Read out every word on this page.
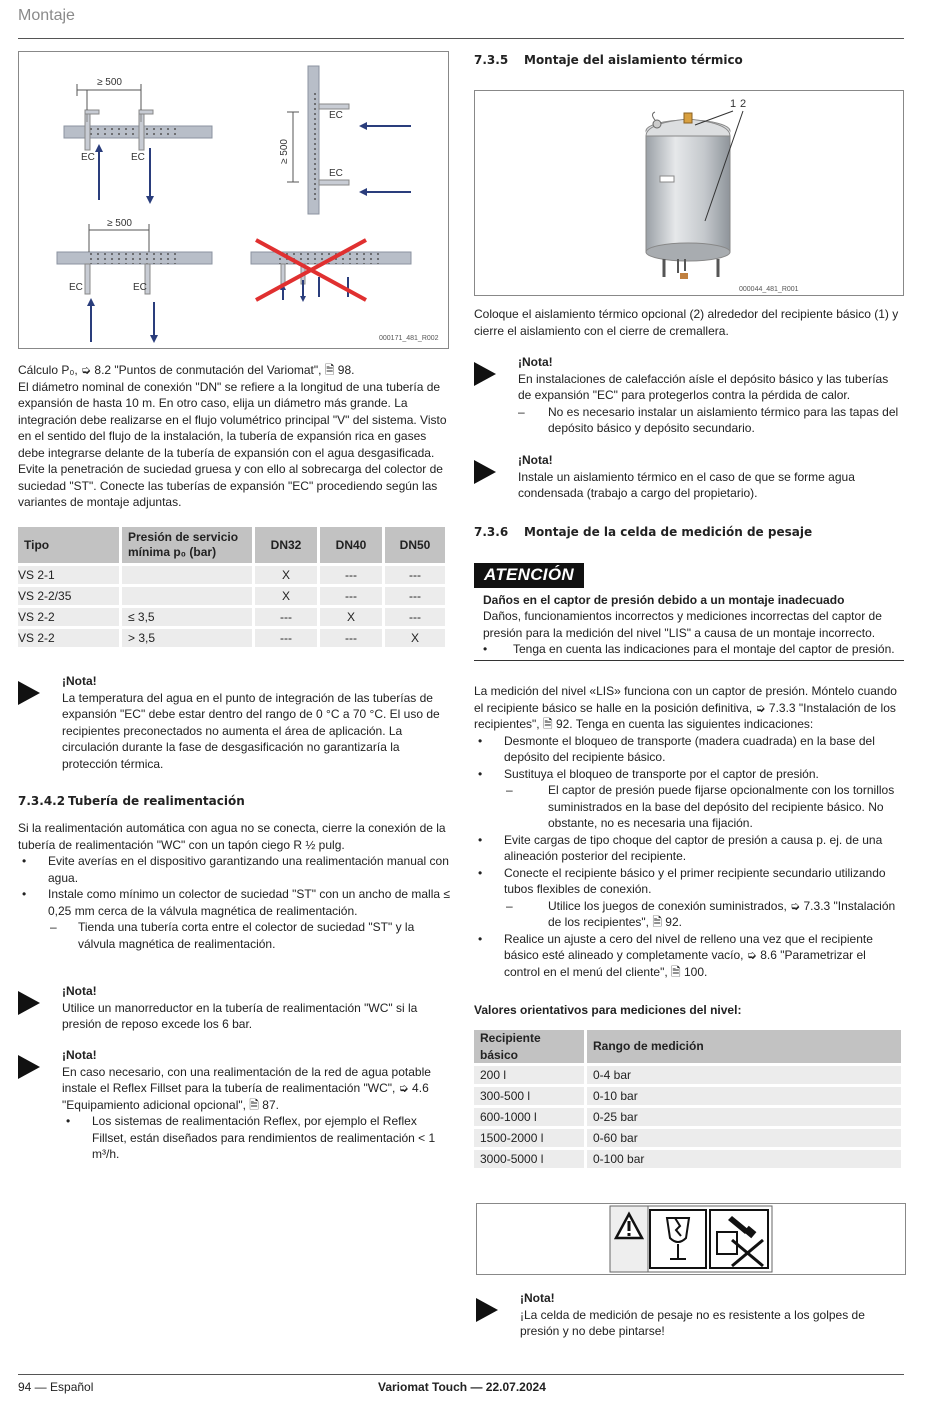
Montaje
≥ 500
EC	EC	≥ 500
EC
EC
≥ 500
EC	EC
000171_481_R002

Cálculo P₀, ➭ 8.2 "Puntos de conmutación del Variomat", 🗎 98.

El diámetro nominal de conexión "DN" se refiere a la longitud de una tubería de expansión de hasta 10 m. En otro caso, elija un diámetro más grande. La integración debe realizarse en el flujo volumétrico principal "V" del sistema. Visto en el sentido del flujo de la instalación, la tubería de expansión rica en gases debe integrarse delante de la tubería de expansión con el agua desgasificada.

Evite la penetración de suciedad gruesa y con ello al sobrecarga del colector de suciedad "ST". Conecte las tuberías de expansión "EC" procediendo según las variantes de montaje adjuntas.

Tipo	Presión de servicio mínima p₀ (bar)	DN32	DN40	DN50
VS 2-1		X	---	---
VS 2-2/35		X	---	---
VS 2-2	≤ 3,5	---	X	---
VS 2-2	> 3,5	---	---	X
¡Nota!
La temperatura del agua en el punto de integración de las tuberías de expansión "EC" debe estar dentro del rango de 0 °C a 70 °C. El uso de recipientes preconectados no aumenta el área de aplicación. La circulación durante la fase de desgasificación no garantizaría la protección térmica.
7.3.4.2 Tubería de realimentación

Si la realimentación automática con agua no se conecta, cierre la conexión de la tubería de realimentación "WC" con un tapón ciego R ½ pulg.

• Evite averías en el dispositivo garantizando una realimentación manual con agua.
• Instale como mínimo un colector de suciedad "ST" con un ancho de malla ≤ 0,25 mm cerca de la válvula magnética de realimentación.
– Tienda una tubería corta entre el colector de suciedad "ST" y la válvula magnética de realimentación.
¡Nota!
Utilice un manorreductor en la tubería de realimentación "WC" si la presión de reposo excede los 6 bar.
¡Nota!
En caso necesario, con una realimentación de la red de agua potable instale el Reflex Fillset para la tubería de realimentación "WC", ➭ 4.6 "Equipamiento adicional opcional", 🗎 87.
• Los sistemas de realimentación Reflex, por ejemplo el Reflex Fillset, están diseñados para rendimientos de realimentación < 1 m³/h.
7.3.5 Montaje del aislamiento térmico
1 2
000044_481_R001
Coloque el aislamiento térmico opcional (2) alrededor del recipiente básico (1) y cierre el aislamiento con el cierre de cremallera.
¡Nota!
En instalaciones de calefacción aísle el depósito básico y las tuberías de expansión "EC" para protegerlos contra la pérdida de calor.
– No es necesario instalar un aislamiento térmico para las tapas del depósito básico y depósito secundario.
¡Nota!
Instale un aislamiento térmico en el caso de que se forme agua condensada (trabajo a cargo del propietario).
7.3.6 Montaje de la celda de medición de pesaje
ATENCIÓN
Daños en el captor de presión debido a un montaje inadecuado
Daños, funcionamientos incorrectos y mediciones incorrectas del captor de presión para la medición del nivel "LIS" a causa de un montaje incorrecto.
• Tenga en cuenta las indicaciones para el montaje del captor de presión.

La medición del nivel «LIS» funciona con un captor de presión. Móntelo cuando el recipiente básico se halle en la posición definitiva, ➭ 7.3.3 "Instalación de los recipientes", 🗎 92. Tenga en cuenta las siguientes indicaciones:

• Desmonte el bloqueo de transporte (madera cuadrada) en la base del depósito del recipiente básico.
• Sustituya el bloqueo de transporte por el captor de presión.
–	El captor de presión puede fijarse opcionalmente con los tornillos suministrados en la base del depósito del recipiente básico. No obstante, no es necesaria una fijación.
• Evite cargas de tipo choque del captor de presión a causa p. ej. de una alineación posterior del recipiente.
• Conecte el recipiente básico y el primer recipiente secundario utilizando tubos flexibles de conexión.
–	Utilice los juegos de conexión suministrados, ➭ 7.3.3 "Instalación de los recipientes", 🗎 92.
• Realice un ajuste a cero del nivel de relleno una vez que el recipiente básico esté alineado y completamente vacío, ➭ 8.6 "Parametrizar el control en el menú del cliente", 🗎 100.
Valores orientativos para mediciones del nivel:
Recipiente básico	Rango de medición
200 l	0-4 bar
300-500 l	0-10 bar
600-1000 l	0-25 bar
1500-2000 l	0-60 bar
3000-5000 l	0-100 bar
¡Nota!
¡La celda de medición de pesaje no es resistente a los golpes de presión y no debe pintarse!
94 — Español	Variomat Touch — 22.07.2024
